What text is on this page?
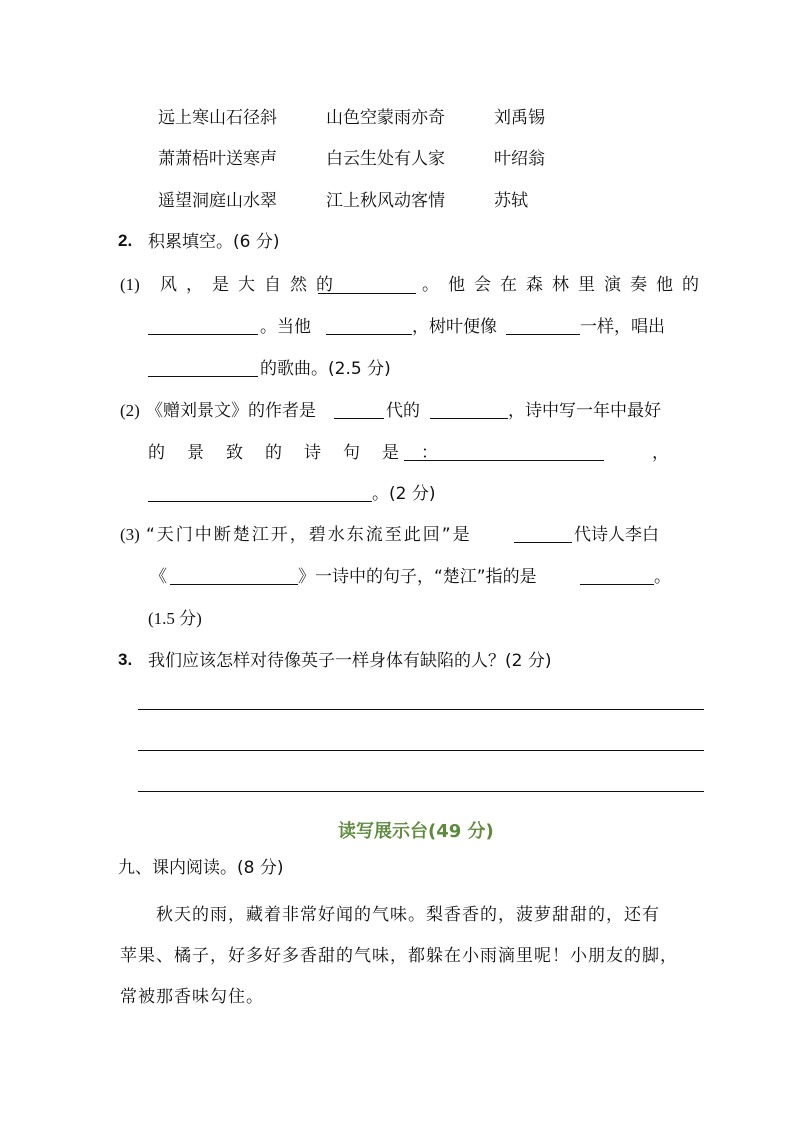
远上寒山石径斜	山色空蒙雨亦奇	刘禹锡
萧萧梧叶送寒声	白云生处有人家	叶绍翁
遥望洞庭山水翠	江上秋风动客情	苏轼
2. 积累填空。(6 分)
(1) 风，是大自然的	。他会在森林里演奏他的
。当他	，树叶便像	一样，唱出
的歌曲。(2.5 分)
(2) 《赠刘景文》的作者是	代的	，诗中写一年中最好
的景致的诗句是：	，
。(2 分)
(3) “天门中断楚江开，碧水东流至此回”是	代诗人李白
《	》一诗中的句子，“楚江”指的是	。
(1.5 分)
3. 我们应该怎样对待像英子一样身体有缺陷的人？(2 分)
读写展示台(49 分)
九、课内阅读。(8 分)
秋天的雨，藏着非常好闻的气味。梨香香的，菠萝甜甜的，还有
苹果、橘子，好多好多香甜的气味，都躲在小雨滴里呢！小朋友的脚，
常被那香味勾住。
